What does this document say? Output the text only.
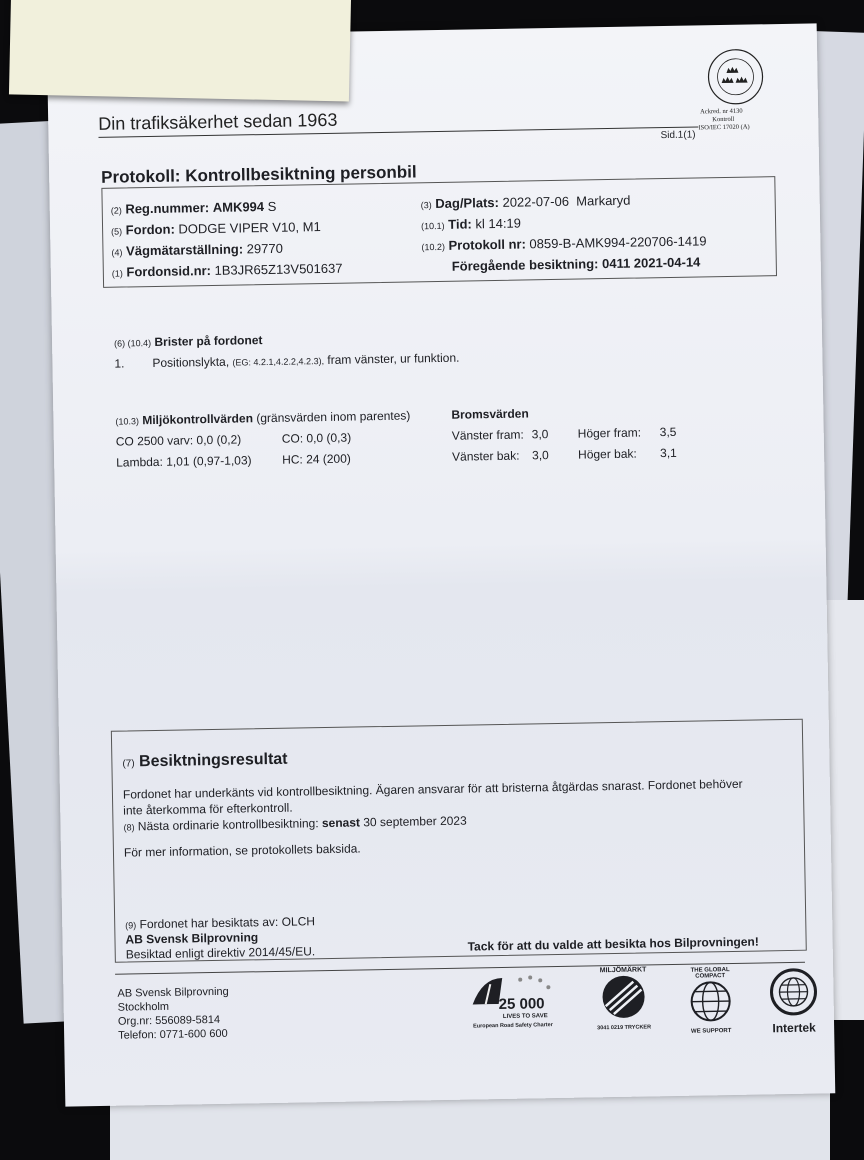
Din trafiksäkerhet sedan 1963
Sid.1(1)
Ackred. nr 4130
Kontroll
ISO/IEC 17020 (A)
Protokoll: Kontrollbesiktning personbil
(2) Reg.nummer: AMK994 S
(5) Fordon: DODGE VIPER V10, M1
(4) Vägmätarställning: 29770
(1) Fordonsid.nr: 1B3JR65Z13V501637
(3) Dag/Plats: 2022-07-06 Markaryd
(10.1) Tid: kl 14:19
(10.2) Protokoll nr: 0859-B-AMK994-220706-1419
Föregående besiktning: 0411 2021-04-14
(6) (10.4) Brister på fordonet
1. Positionslykta, (EG: 4.2.1,4.2.2,4.2.3), fram vänster, ur funktion.
(10.3) Miljökontrollvärden (gränsvärden inom parentes)
CO 2500 varv: 0,0 (0,2)	CO: 0,0 (0,3)
Lambda: 1,01 (0,97-1,03)	HC: 24 (200)
Bromsvärden
Vänster fram: 3,0 Höger fram: 3,5
Vänster bak: 3,0 Höger bak: 3,1
(7) Besiktningsresultat
Fordonet har underkänts vid kontrollbesiktning. Ägaren ansvarar för att bristerna åtgärdas snarast. Fordonet behöver
inte återkomma för efterkontroll.
(8) Nästa ordinarie kontrollbesiktning: senast 30 september 2023
För mer information, se protokollets baksida.
(9) Fordonet har besiktats av: OLCH
AB Svensk Bilprovning
Besiktad enligt direktiv 2014/45/EU.	Tack för att du valde att besikta hos Bilprovningen!
AB Svensk Bilprovning
Stockholm
Org.nr: 556089-5814
Telefon: 0771-600 600
25 000
LIVES TO SAVE
European Road Safety Charter
MILJÖMÄRKT
3041 0219 TRYCKER
THE GLOBAL COMPACT
WE SUPPORT	Intertek
